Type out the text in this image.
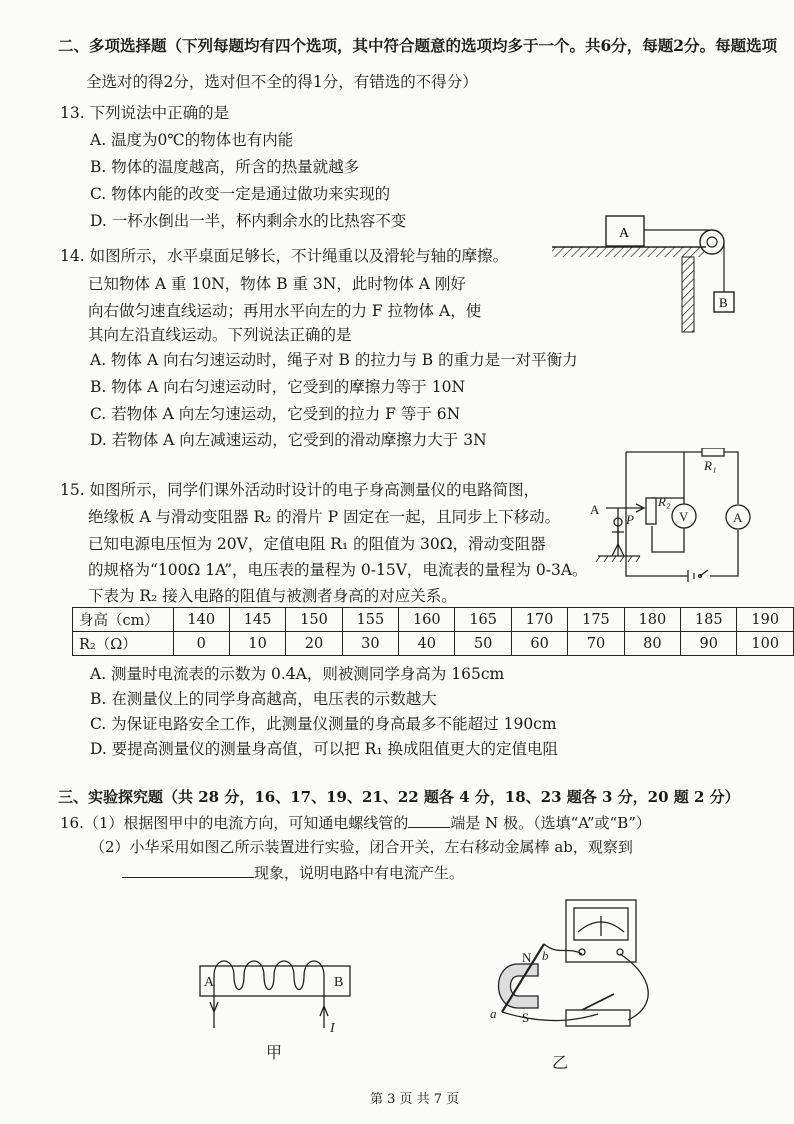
二、多项选择题（下列每题均有四个选项，其中符合题意的选项均多于一个。共6分，每题2分。每题选项
全选对的得2分，选对但不全的得1分，有错选的不得分）
13. 下列说法中正确的是
A. 温度为0℃的物体也有内能
B. 物体的温度越高，所含的热量就越多
C. 物体内能的改变一定是通过做功来实现的
D. 一杯水倒出一半，杯内剩余水的比热容不变
14. 如图所示，水平桌面足够长，不计绳重以及滑轮与轴的摩擦。
已知物体 A 重 10N，物体 B 重 3N，此时物体 A 刚好
向右做匀速直线运动；再用水平向左的力 F 拉物体 A，使
其向左沿直线运动。下列说法正确的是
A. 物体 A 向右匀速运动时，绳子对 B 的拉力与 B 的重力是一对平衡力
B. 物体 A 向右匀速运动时，它受到的摩擦力等于 10N
C. 若物体 A 向左匀速运动，它受到的拉力 F 等于 6N
D. 若物体 A 向左减速运动，它受到的滑动摩擦力大于 3N
A
B
15. 如图所示，同学们课外活动时设计的电子身高测量仪的电路简图，
绝缘板 A 与滑动变阻器 R₂ 的滑片 P 固定在一起，且同步上下移动。
已知电源电压恒为 20V，定值电阻 R₁ 的阻值为 30Ω，滑动变阻器
的规格为“100Ω 1A”，电压表的量程为 0-15V，电流表的量程为 0-3A。
下表为 R₂ 接入电路的阻值与被测者身高的对应关系。
R₁
R₂
V	A
A
P
身高（cm）	140	145	150	155	160	165	170	175	180	185	190
R₂（Ω）	0	10	20	30	40	50	60	70	80	90	100
A. 测量时电流表的示数为 0.4A，则被测同学身高为 165cm
B. 在测量仪上的同学身高越高，电压表的示数越大
C. 为保证电路安全工作，此测量仪测量的身高最多不能超过 190cm
D. 要提高测量仪的测量身高值，可以把 R₁ 换成阻值更大的定值电阻
三、实验探究题（共 28 分，16、17、19、21、22 题各 4 分，18、23 题各 3 分，20 题 2 分）
16.（1）根据图甲中的电流方向，可知通电螺线管的	端是 N 极。（选填“A”或“B”）
（2）小华采用如图乙所示装置进行实验，闭合开关，左右移动金属棒 ab，观察到
现象，说明电路中有电流产生。
A	B
I
甲
N
S
a
b
乙
第 3 页 共 7 页
